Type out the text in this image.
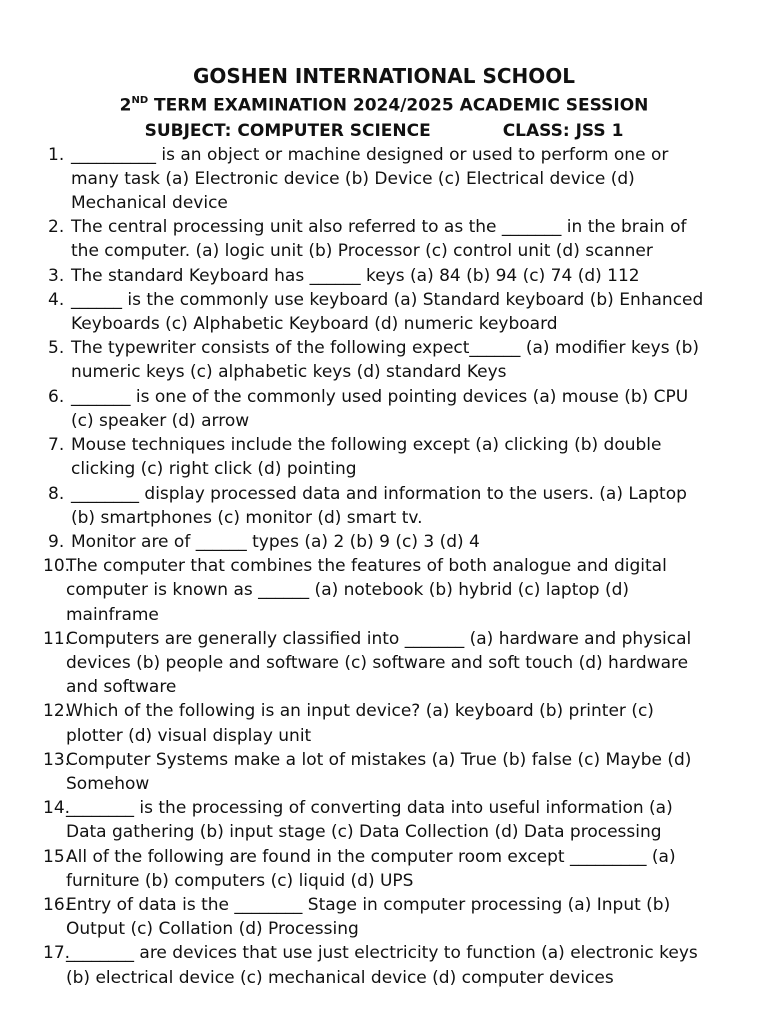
GOSHEN INTERNATIONAL SCHOOL
2ND TERM EXAMINATION 2024/2025 ACADEMIC SESSION
SUBJECT: COMPUTER SCIENCE	CLASS: JSS 1
1. __________ is an object or machine designed or used to perform one or many task (a) Electronic device (b) Device (c) Electrical device (d) Mechanical device
2. The central processing unit also referred to as the _______ in the brain of the computer. (a) logic unit (b) Processor (c) control unit (d) scanner
3. The standard Keyboard has ______ keys (a) 84 (b) 94 (c) 74 (d) 112
4. ______ is the commonly use keyboard (a) Standard keyboard (b) Enhanced Keyboards (c) Alphabetic Keyboard (d) numeric keyboard
5. The typewriter consists of the following expect______ (a) modifier keys (b) numeric keys (c) alphabetic keys (d) standard Keys
6. _______ is one of the commonly used pointing devices (a) mouse (b) CPU (c) speaker (d) arrow
7. Mouse techniques include the following except (a) clicking (b) double clicking (c) right click (d) pointing
8. ________ display processed data and information to the users. (a) Laptop (b) smartphones (c) monitor (d) smart tv.
9. Monitor are of ______ types (a) 2 (b) 9 (c) 3 (d) 4
10.
The computer that combines the features of both analogue and digital computer is known as ______ (a) notebook (b) hybrid (c) laptop (d) mainframe
11.
Computers are generally classified into _______ (a) hardware and physical devices (b) people and software (c) software and soft touch (d) hardware and software
12.
Which of the following is an input device? (a) keyboard (b) printer (c) plotter (d) visual display unit
13.
Computer Systems make a lot of mistakes (a) True (b) false (c) Maybe (d) Somehow
14.
________ is the processing of converting data into useful information (a) Data gathering (b) input stage (c) Data Collection (d) Data processing
15.
All of the following are found in the computer room except _________ (a) furniture (b) computers (c) liquid (d) UPS
16.
Entry of data is the ________ Stage in computer processing (a) Input (b) Output (c) Collation (d) Processing
17.
________ are devices that use just electricity to function (a) electronic keys (b) electrical device (c) mechanical device (d) computer devices
